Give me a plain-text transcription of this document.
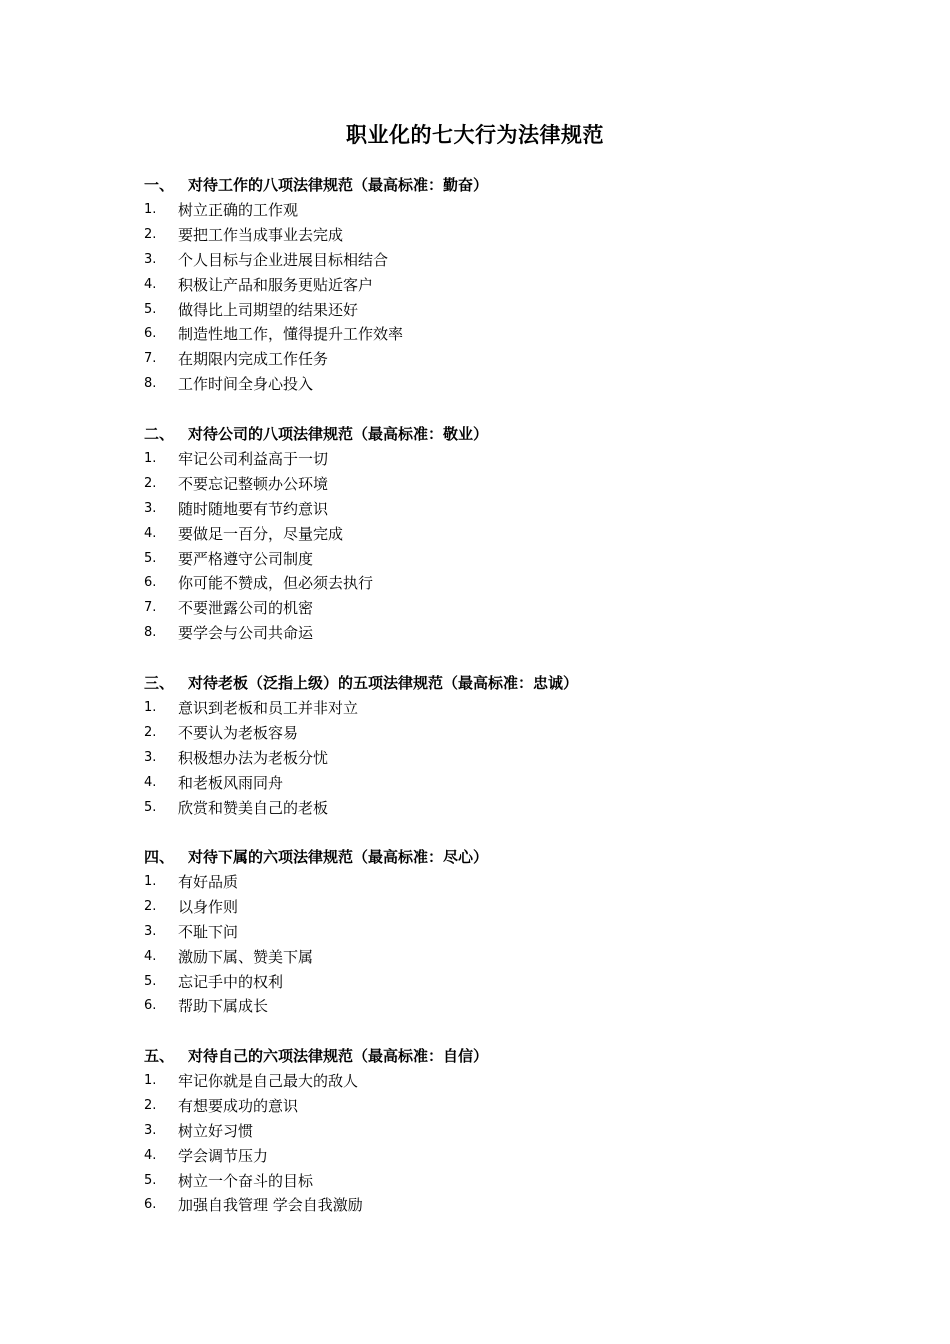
职业化的七大行为法律规范
一、 对待工作的八项法律规范（最高标准：勤奋）
1.	树立正确的工作观
2.	要把工作当成事业去完成
3.	个人目标与企业进展目标相结合
4.	积极让产品和服务更贴近客户
5.	做得比上司期望的结果还好
6.	制造性地工作，懂得提升工作效率
7.	在期限内完成工作任务
8.	工作时间全身心投入
二、 对待公司的八项法律规范（最高标准：敬业）
1.	牢记公司利益高于一切
2.	不要忘记整顿办公环境
3.	随时随地要有节约意识
4.	要做足一百分，尽量完成
5.	要严格遵守公司制度
6.	你可能不赞成，但必须去执行
7.	不要泄露公司的机密
8.	要学会与公司共命运
三、 对待老板（泛指上级）的五项法律规范（最高标准：忠诚）
1.	意识到老板和员工并非对立
2.	不要认为老板容易
3.	积极想办法为老板分忧
4.	和老板风雨同舟
5.	欣赏和赞美自己的老板
四、 对待下属的六项法律规范（最高标准：尽心）
1.	有好品质
2.	以身作则
3.	不耻下问
4.	激励下属、赞美下属
5.	忘记手中的权利
6.	帮助下属成长
五、 对待自己的六项法律规范（最高标准：自信）
1.	牢记你就是自己最大的敌人
2.	有想要成功的意识
3.	树立好习惯
4.	学会调节压力
5.	树立一个奋斗的目标
6.	加强自我管理 学会自我激励
